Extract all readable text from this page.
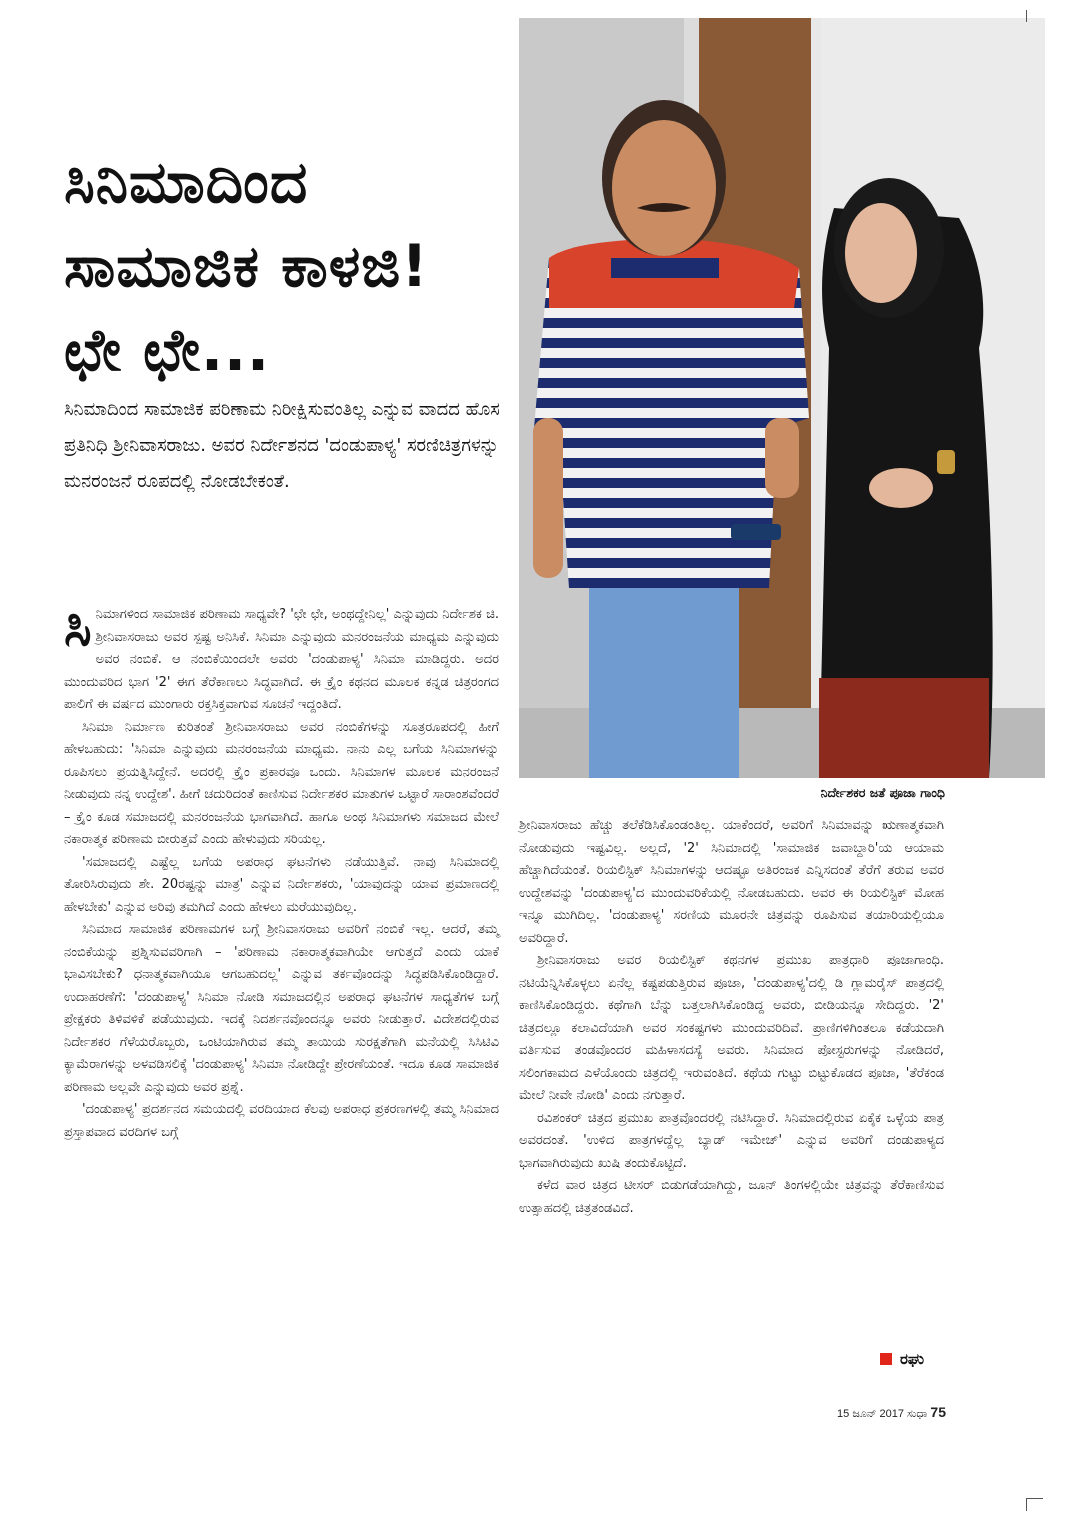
ಸಿನಿಮಾದಿಂದ
ಸಾಮಾಜಿಕ ಕಾಳಜಿ!
ಛೇ ಛೇ...

ಸಿನಿಮಾದಿಂದ ಸಾಮಾಜಿಕ ಪರಿಣಾಮ ನಿರೀಕ್ಷಿಸುವಂತಿಲ್ಲ ಎನ್ನುವ ವಾದದ ಹೊಸ ಪ್ರತಿನಿಧಿ ಶ್ರೀನಿವಾಸರಾಜು. ಅವರ ನಿರ್ದೇಶನದ 'ದಂಡುಪಾಳ್ಯ' ಸರಣಿಚಿತ್ರಗಳನ್ನು ಮನರಂಜನೆ ರೂಪದಲ್ಲಿ ನೋಡಬೇಕಂತೆ.

ನಿರ್ದೇಶಕರ ಜತೆ ಪೂಜಾ ಗಾಂಧಿ

ಸಿನಿಮಾಗಳಿಂದ ಸಾಮಾಜಿಕ ಪರಿಣಾಮ ಸಾಧ್ಯವೇ? 'ಛೇ ಛೇ, ಅಂಥದ್ದೇನಿಲ್ಲ' ಎನ್ನುವುದು ನಿರ್ದೇಶಕ ಚಿ. ಶ್ರೀನಿವಾಸರಾಜು ಅವರ ಸ್ಪಷ್ಟ ಅನಿಸಿಕೆ. ಸಿನಿಮಾ ಎನ್ನುವುದು ಮನರಂಜನೆಯ ಮಾಧ್ಯಮ ಎನ್ನುವುದು ಅವರ ನಂಬಿಕೆ. ಆ ನಂಬಿಕೆಯಿಂದಲೇ ಅವರು 'ದಂಡುಪಾಳ್ಯ' ಸಿನಿಮಾ ಮಾಡಿದ್ದರು. ಅದರ ಮುಂದುವರಿದ ಭಾಗ '2' ಈಗ ತೆರೆಕಾಣಲು ಸಿದ್ಧವಾಗಿದೆ. ಈ ಕ್ರೈಂ ಕಥನದ ಮೂಲಕ ಕನ್ನಡ ಚಿತ್ರರಂಗದ ಪಾಲಿಗೆ ಈ ವರ್ಷದ ಮುಂಗಾರು ರಕ್ತಸಿಕ್ತವಾಗುವ ಸೂಚನೆ ಇದ್ದಂತಿದೆ.

ಸಿನಿಮಾ ನಿರ್ಮಾಣ ಕುರಿತಂತೆ ಶ್ರೀನಿವಾಸರಾಜು ಅವರ ನಂಬಿಕೆಗಳನ್ನು ಸೂತ್ರರೂಪದಲ್ಲಿ ಹೀಗೆ ಹೇಳಬಹುದು: 'ಸಿನಿಮಾ ಎನ್ನುವುದು ಮನರಂಜನೆಯ ಮಾಧ್ಯಮ. ನಾನು ಎಲ್ಲ ಬಗೆಯ ಸಿನಿಮಾಗಳನ್ನು ರೂಪಿಸಲು ಪ್ರಯತ್ನಿಸಿದ್ದೇನೆ. ಅದರಲ್ಲಿ ಕ್ರೈಂ ಪ್ರಕಾರವೂ ಒಂದು. ಸಿನಿಮಾಗಳ ಮೂಲಕ ಮನರಂಜನೆ ನೀಡುವುದು ನನ್ನ ಉದ್ದೇಶ'. ಹೀಗೆ ಚದುರಿದಂತೆ ಕಾಣಿಸುವ ನಿರ್ದೇಶಕರ ಮಾತುಗಳ ಒಟ್ಟಾರೆ ಸಾರಾಂಶವೆಂದರೆ – ಕ್ರೈಂ ಕೂಡ ಸಮಾಜದಲ್ಲಿ ಮನರಂಜನೆಯ ಭಾಗವಾಗಿದೆ. ಹಾಗೂ ಅಂಥ ಸಿನಿಮಾಗಳು ಸಮಾಜದ ಮೇಲೆ ನಕಾರಾತ್ಮಕ ಪರಿಣಾಮ ಬೀರುತ್ತವೆ ಎಂದು ಹೇಳುವುದು ಸರಿಯಲ್ಲ.

'ಸಮಾಜದಲ್ಲಿ ಎಷ್ಟೆಲ್ಲ ಬಗೆಯ ಅಪರಾಧ ಘಟನೆಗಳು ನಡೆಯುತ್ತಿವೆ. ನಾವು ಸಿನಿಮಾದಲ್ಲಿ ತೋರಿಸಿರುವುದು ಶೇ. 20ರಷ್ಟನ್ನು ಮಾತ್ರ' ಎನ್ನುವ ನಿರ್ದೇಶಕರು, 'ಯಾವುದನ್ನು ಯಾವ ಪ್ರಮಾಣದಲ್ಲಿ ಹೇಳಬೇಕು' ಎನ್ನುವ ಅರಿವು ತಮಗಿದೆ ಎಂದು ಹೇಳಲು ಮರೆಯುವುದಿಲ್ಲ.

ಸಿನಿಮಾದ ಸಾಮಾಜಿಕ ಪರಿಣಾಮಗಳ ಬಗ್ಗೆ ಶ್ರೀನಿವಾಸರಾಜು ಅವರಿಗೆ ನಂಬಿಕೆ ಇಲ್ಲ. ಆದರೆ, ತಮ್ಮ ನಂಬಿಕೆಯನ್ನು ಪ್ರಶ್ನಿಸುವವರಿಗಾಗಿ – 'ಪರಿಣಾಮ ನಕಾರಾತ್ಮಕವಾಗಿಯೇ ಆಗುತ್ತದೆ ಎಂದು ಯಾಕೆ ಭಾವಿಸಬೇಕು? ಧನಾತ್ಮಕವಾಗಿಯೂ ಆಗಬಹುದಲ್ಲ' ಎನ್ನುವ ತರ್ಕವೊಂದನ್ನು ಸಿದ್ಧಪಡಿಸಿಕೊಂಡಿದ್ದಾರೆ. ಉದಾಹರಣೆಗೆ: 'ದಂಡುಪಾಳ್ಯ' ಸಿನಿಮಾ ನೋಡಿ ಸಮಾಜದಲ್ಲಿನ ಅಪರಾಧ ಘಟನೆಗಳ ಸಾಧ್ಯತೆಗಳ ಬಗ್ಗೆ ಪ್ರೇಕ್ಷಕರು ತಿಳಿವಳಿಕೆ ಪಡೆಯುವುದು. ಇದಕ್ಕೆ ನಿದರ್ಶನವೊಂದನ್ನೂ ಅವರು ನೀಡುತ್ತಾರೆ. ವಿದೇಶದಲ್ಲಿರುವ ನಿರ್ದೇಶಕರ ಗೆಳೆಯರೊಬ್ಬರು, ಒಂಟಿಯಾಗಿರುವ ತಮ್ಮ ತಾಯಿಯ ಸುರಕ್ಷತೆಗಾಗಿ ಮನೆಯಲ್ಲಿ ಸಿಸಿಟಿವಿ ಕ್ಯಾಮೆರಾಗಳನ್ನು ಅಳವಡಿಸಲಿಕ್ಕೆ 'ದಂಡುಪಾಳ್ಯ' ಸಿನಿಮಾ ನೋಡಿದ್ದೇ ಪ್ರೇರಣೆಯಂತೆ. ಇದೂ ಕೂಡ ಸಾಮಾಜಿಕ ಪರಿಣಾಮ ಅಲ್ಲವೇ ಎನ್ನುವುದು ಅವರ ಪ್ರಶ್ನೆ.

'ದಂಡುಪಾಳ್ಯ' ಪ್ರದರ್ಶನದ ಸಮಯದಲ್ಲಿ ವರದಿಯಾದ ಕೆಲವು ಅಪರಾಧ ಪ್ರಕರಣಗಳಲ್ಲಿ ತಮ್ಮ ಸಿನಿಮಾದ ಪ್ರಸ್ತಾಪವಾದ ವರದಿಗಳ ಬಗ್ಗೆ

ಶ್ರೀನಿವಾಸರಾಜು ಹೆಚ್ಚು ತಲೆಕೆಡಿಸಿಕೊಂಡಂತಿಲ್ಲ. ಯಾಕೆಂದರೆ, ಅವರಿಗೆ ಸಿನಿಮಾವನ್ನು ಋಣಾತ್ಮಕವಾಗಿ ನೋಡುವುದು ಇಷ್ಟವಿಲ್ಲ. ಅಲ್ಲದೆ, '2' ಸಿನಿಮಾದಲ್ಲಿ 'ಸಾಮಾಜಿಕ ಜವಾಬ್ದಾರಿ'ಯ ಆಯಾಮ ಹೆಚ್ಚಾಗಿದೆಯಂತೆ. ರಿಯಲಿಸ್ಟಿಕ್ ಸಿನಿಮಾಗಳನ್ನು ಆದಷ್ಟೂ ಅತಿರಂಜಕ ಎನ್ನಿಸದಂತೆ ತೆರೆಗೆ ತರುವ ಅವರ ಉದ್ದೇಶವನ್ನು 'ದಂಡುಪಾಳ್ಯ'ದ ಮುಂದುವರಿಕೆಯಲ್ಲಿ ನೋಡಬಹುದು. ಅವರ ಈ ರಿಯಲಿಸ್ಟಿಕ್ ಮೋಹ ಇನ್ನೂ ಮುಗಿದಿಲ್ಲ. 'ದಂಡುಪಾಳ್ಯ' ಸರಣಿಯ ಮೂರನೇ ಚಿತ್ರವನ್ನು ರೂಪಿಸುವ ತಯಾರಿಯಲ್ಲಿಯೂ ಅವರಿದ್ದಾರೆ.

ಶ್ರೀನಿವಾಸರಾಜು ಅವರ ರಿಯಲಿಸ್ಟಿಕ್ ಕಥನಗಳ ಪ್ರಮುಖ ಪಾತ್ರಧಾರಿ ಪೂಜಾಗಾಂಧಿ. ನಟಿಯೆನ್ನಿಸಿಕೊಳ್ಳಲು ಏನೆಲ್ಲ ಕಷ್ಟಪಡುತ್ತಿರುವ ಪೂಜಾ, 'ದಂಡುಪಾಳ್ಯ'ದಲ್ಲಿ ಡಿ ಗ್ಲಾಮರೈಸ್ ಪಾತ್ರದಲ್ಲಿ ಕಾಣಿಸಿಕೊಂಡಿದ್ದರು. ಕಥೆಗಾಗಿ ಬೆನ್ನು ಬತ್ತಲಾಗಿಸಿಕೊಂಡಿದ್ದ ಅವರು, ಬೀಡಿಯನ್ನೂ ಸೇದಿದ್ದರು. '2' ಚಿತ್ರದಲ್ಲೂ ಕಲಾವಿದೆಯಾಗಿ ಅವರ ಸಂಕಷ್ಟಗಳು ಮುಂದುವರಿದಿವೆ. ಪ್ರಾಣಿಗಳಿಗಿಂತಲೂ ಕಡೆಯದಾಗಿ ವರ್ತಿಸುವ ತಂಡವೊಂದರ ಮಹಿಳಾಸದಸ್ಯೆ ಅವರು. ಸಿನಿಮಾದ ಪೋಸ್ಟರುಗಳನ್ನು ನೋಡಿದರೆ, ಸಲಿಂಗಕಾಮದ ಎಳೆಯೊಂದು ಚಿತ್ರದಲ್ಲಿ ಇರುವಂತಿದೆ. ಕಥೆಯ ಗುಟ್ಟು ಬಿಟ್ಟುಕೊಡದ ಪೂಜಾ, 'ತೆರೆಕಂಡ ಮೇಲೆ ನೀವೇ ನೋಡಿ' ಎಂದು ನಗುತ್ತಾರೆ.

ರವಿಶಂಕರ್ ಚಿತ್ರದ ಪ್ರಮುಖ ಪಾತ್ರವೊಂದರಲ್ಲಿ ನಟಿಸಿದ್ದಾರೆ. ಸಿನಿಮಾದಲ್ಲಿರುವ ಏಕೈಕ ಒಳ್ಳೆಯ ಪಾತ್ರ ಅವರದಂತೆ. 'ಉಳಿದ ಪಾತ್ರಗಳದ್ದೆಲ್ಲ ಬ್ಯಾಡ್ ಇಮೇಜ್' ಎನ್ನುವ ಅವರಿಗೆ ದಂಡುಪಾಳ್ಯದ ಭಾಗವಾಗಿರುವುದು ಖುಷಿ ತಂದುಕೊಟ್ಟಿದೆ.

ಕಳೆದ ವಾರ ಚಿತ್ರದ ಟೀಸರ್ ಬಿಡುಗಡೆಯಾಗಿದ್ದು, ಜೂನ್ ತಿಂಗಳಲ್ಲಿಯೇ ಚಿತ್ರವನ್ನು ತೆರೆಕಾಣಿಸುವ ಉತ್ಸಾಹದಲ್ಲಿ ಚಿತ್ರತಂಡವಿದೆ.

ರಘು
15 ಜೂನ್ 2017 ಸುಧಾ 75
